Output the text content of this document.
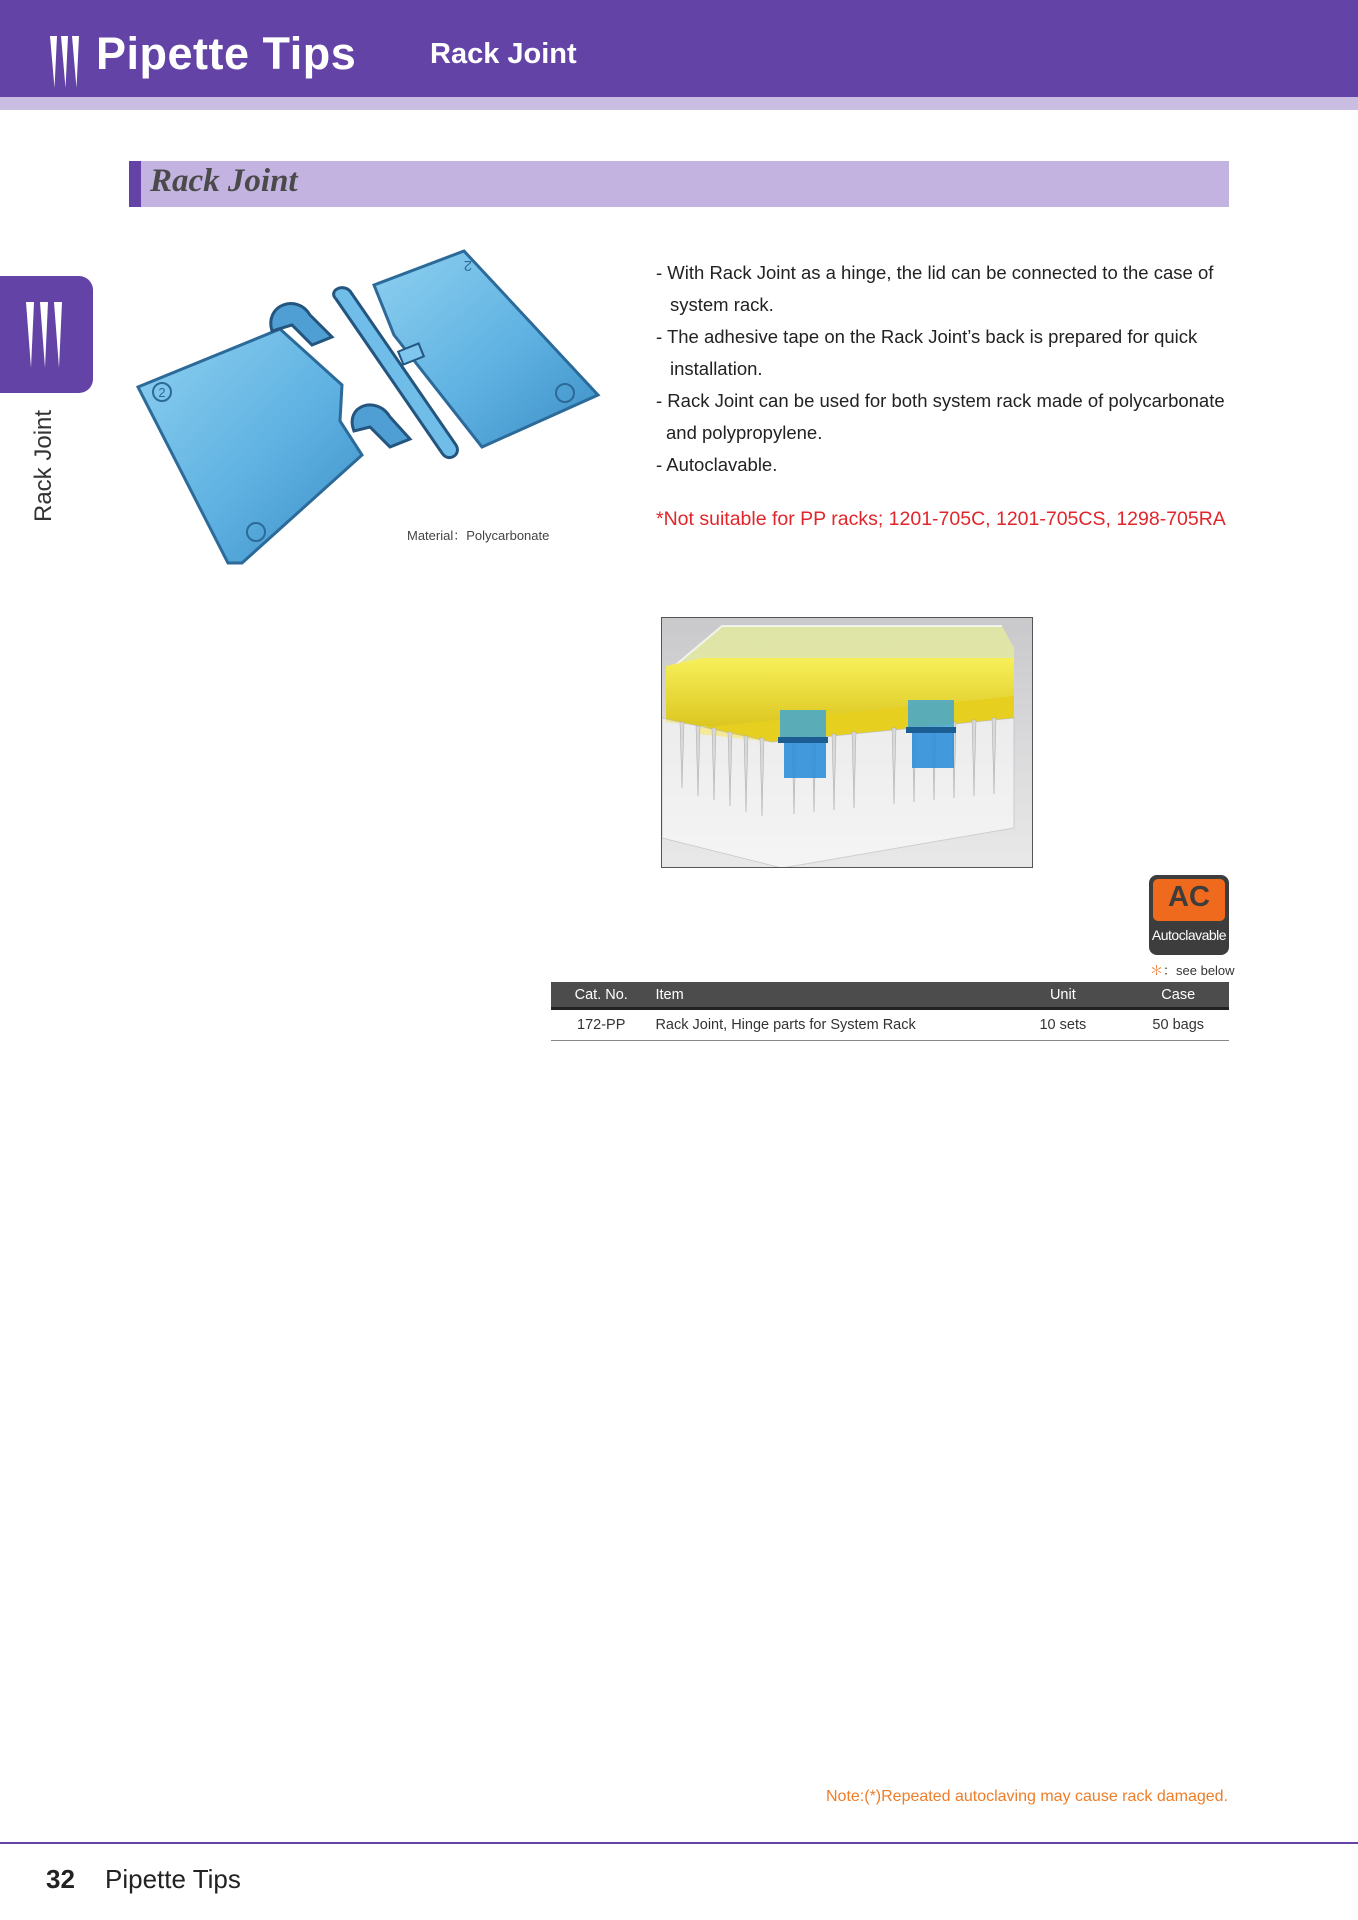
Pipette Tips	Rack Joint
Rack Joint
Rack Joint
2
2
Material：Polycarbonate
- With Rack Joint as a hinge, the lid can be connected to the case of
system rack.
- The adhesive tape on the Rack Joint’s back is prepared for quick
installation.
- Rack Joint can be used for both system rack made of polycarbonate
and polypropylene.
- Autoclavable.
*Not suitable for PP racks; 1201-705C, 1201-705CS, 1298-705RA
AC
Autoclavable
＊：see below
Cat. No.	Item	Unit	Case
172-PP	Rack Joint, Hinge parts for System Rack	10 sets	50 bags
Note:(*)Repeated autoclaving may cause rack damaged.
32 Pipette Tips
